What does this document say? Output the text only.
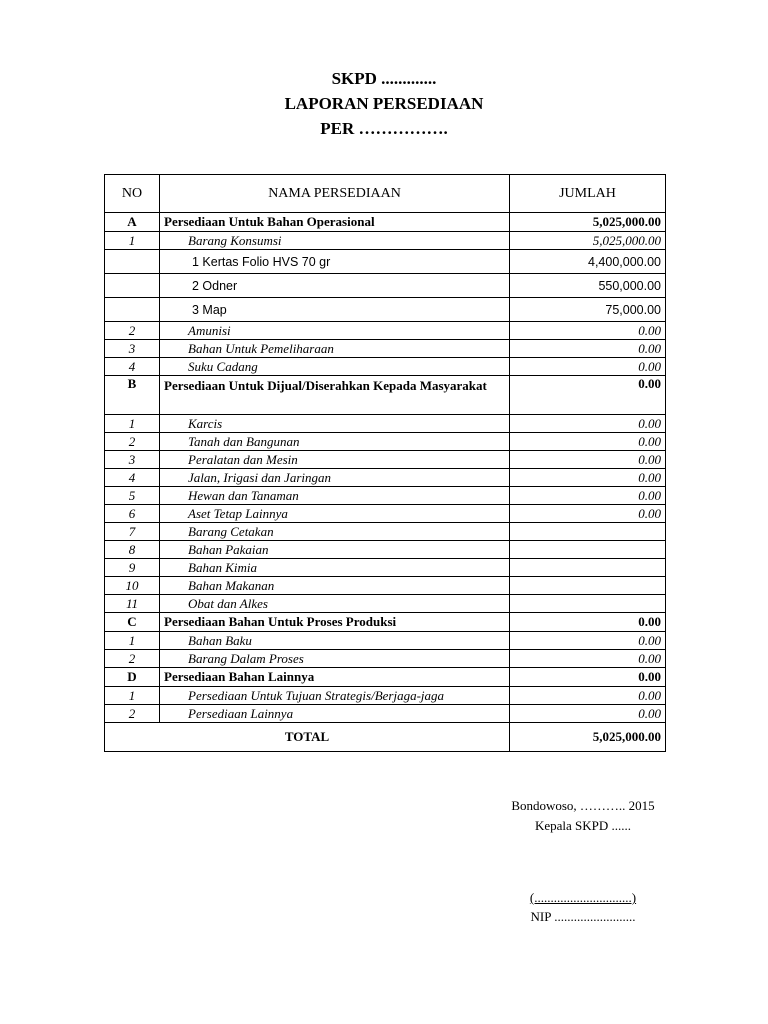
SKPD .............
LAPORAN PERSEDIAAN
PER …………….
NO	NAMA PERSEDIAAN	JUMLAH
A	Persediaan Untuk Bahan Operasional	5,025,000.00
1	Barang Konsumsi	5,025,000.00
	1 Kertas Folio HVS 70 gr	4,400,000.00
	2 Odner	550,000.00
	3 Map	75,000.00
2	Amunisi	0.00
3	Bahan Untuk Pemeliharaan	0.00
4	Suku Cadang	0.00
B	Persediaan Untuk Dijual/Diserahkan Kepada Masyarakat	0.00
1	Karcis	0.00
2	Tanah dan Bangunan	0.00
3	Peralatan dan Mesin	0.00
4	Jalan, Irigasi dan Jaringan	0.00
5	Hewan dan Tanaman	0.00
6	Aset Tetap Lainnya	0.00
7	Barang Cetakan	
8	Bahan Pakaian	
9	Bahan Kimia	
10	Bahan Makanan	
11	Obat dan Alkes	
C	Persediaan Bahan Untuk Proses Produksi	0.00
1	Bahan Baku	0.00
2	Barang Dalam Proses	0.00
D	Persediaan Bahan Lainnya	0.00
1	Persediaan Untuk Tujuan Strategis/Berjaga-jaga	0.00
2	Persediaan Lainnya	0.00
TOTAL		5,025,000.00
Bondowoso, ……….. 2015
Kepala SKPD ......
(..............................)
NIP .........................
